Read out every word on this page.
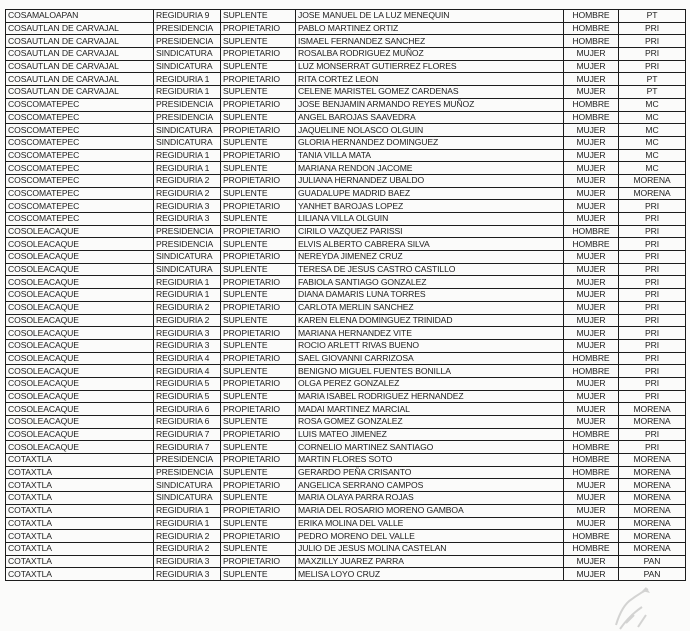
COSAMALOAPAN	REGIDURIA 9	SUPLENTE	JOSE MANUEL DE LA LUZ MENEQUIN	HOMBRE	PT
COSAUTLAN DE CARVAJAL	PRESIDENCIA	PROPIETARIO	PABLO MARTINEZ ORTIZ	HOMBRE	PRI
COSAUTLAN DE CARVAJAL	PRESIDENCIA	SUPLENTE	ISMAEL FERNANDEZ SANCHEZ	HOMBRE	PRI
COSAUTLAN DE CARVAJAL	SINDICATURA	PROPIETARIO	ROSALBA RODRIGUEZ MUÑOZ	MUJER	PRI
COSAUTLAN DE CARVAJAL	SINDICATURA	SUPLENTE	LUZ MONSERRAT GUTIERREZ FLORES	MUJER	PRI
COSAUTLAN DE CARVAJAL	REGIDURIA 1	PROPIETARIO	RITA CORTEZ LEON	MUJER	PT
COSAUTLAN DE CARVAJAL	REGIDURIA 1	SUPLENTE	CELENE MARISTEL GOMEZ CARDENAS	MUJER	PT
COSCOMATEPEC	PRESIDENCIA	PROPIETARIO	JOSE BENJAMIN ARMANDO REYES MUÑOZ	HOMBRE	MC
COSCOMATEPEC	PRESIDENCIA	SUPLENTE	ANGEL BAROJAS SAAVEDRA	HOMBRE	MC
COSCOMATEPEC	SINDICATURA	PROPIETARIO	JAQUELINE NOLASCO OLGUIN	MUJER	MC
COSCOMATEPEC	SINDICATURA	SUPLENTE	GLORIA HERNANDEZ DOMINGUEZ	MUJER	MC
COSCOMATEPEC	REGIDURIA 1	PROPIETARIO	TANIA VILLA MATA	MUJER	MC
COSCOMATEPEC	REGIDURIA 1	SUPLENTE	MARIANA RENDON JACOME	MUJER	MC
COSCOMATEPEC	REGIDURIA 2	PROPIETARIO	JULIANA HERNANDEZ UBALDO	MUJER	MORENA
COSCOMATEPEC	REGIDURIA 2	SUPLENTE	GUADALUPE MADRID BAEZ	MUJER	MORENA
COSCOMATEPEC	REGIDURIA 3	PROPIETARIO	YANHET BAROJAS LOPEZ	MUJER	PRI
COSCOMATEPEC	REGIDURIA 3	SUPLENTE	LILIANA VILLA OLGUIN	MUJER	PRI
COSOLEACAQUE	PRESIDENCIA	PROPIETARIO	CIRILO VAZQUEZ PARISSI	HOMBRE	PRI
COSOLEACAQUE	PRESIDENCIA	SUPLENTE	ELVIS ALBERTO CABRERA SILVA	HOMBRE	PRI
COSOLEACAQUE	SINDICATURA	PROPIETARIO	NEREYDA JIMENEZ CRUZ	MUJER	PRI
COSOLEACAQUE	SINDICATURA	SUPLENTE	TERESA DE JESUS CASTRO CASTILLO	MUJER	PRI
COSOLEACAQUE	REGIDURIA 1	PROPIETARIO	FABIOLA SANTIAGO GONZALEZ	MUJER	PRI
COSOLEACAQUE	REGIDURIA 1	SUPLENTE	DIANA DAMARIS LUNA TORRES	MUJER	PRI
COSOLEACAQUE	REGIDURIA 2	PROPIETARIO	CARLOTA MERLIN SANCHEZ	MUJER	PRI
COSOLEACAQUE	REGIDURIA 2	SUPLENTE	KAREN ELENA DOMINGUEZ TRINIDAD	MUJER	PRI
COSOLEACAQUE	REGIDURIA 3	PROPIETARIO	MARIANA HERNANDEZ VITE	MUJER	PRI
COSOLEACAQUE	REGIDURIA 3	SUPLENTE	ROCIO ARLETT RIVAS BUENO	MUJER	PRI
COSOLEACAQUE	REGIDURIA 4	PROPIETARIO	SAEL GIOVANNI CARRIZOSA	HOMBRE	PRI
COSOLEACAQUE	REGIDURIA 4	SUPLENTE	BENIGNO MIGUEL FUENTES BONILLA	HOMBRE	PRI
COSOLEACAQUE	REGIDURIA 5	PROPIETARIO	OLGA PEREZ GONZALEZ	MUJER	PRI
COSOLEACAQUE	REGIDURIA 5	SUPLENTE	MARIA ISABEL RODRIGUEZ HERNANDEZ	MUJER	PRI
COSOLEACAQUE	REGIDURIA 6	PROPIETARIO	MADAI MARTINEZ MARCIAL	MUJER	MORENA
COSOLEACAQUE	REGIDURIA 6	SUPLENTE	ROSA GOMEZ GONZALEZ	MUJER	MORENA
COSOLEACAQUE	REGIDURIA 7	PROPIETARIO	LUIS MATEO JIMENEZ	HOMBRE	PRI
COSOLEACAQUE	REGIDURIA 7	SUPLENTE	CORNELIO MARTINEZ SANTIAGO	HOMBRE	PRI
COTAXTLA	PRESIDENCIA	PROPIETARIO	MARTIN FLORES SOTO	HOMBRE	MORENA
COTAXTLA	PRESIDENCIA	SUPLENTE	GERARDO PEÑA CRISANTO	HOMBRE	MORENA
COTAXTLA	SINDICATURA	PROPIETARIO	ANGELICA SERRANO CAMPOS	MUJER	MORENA
COTAXTLA	SINDICATURA	SUPLENTE	MARIA OLAYA PARRA ROJAS	MUJER	MORENA
COTAXTLA	REGIDURIA 1	PROPIETARIO	MARIA DEL ROSARIO MORENO GAMBOA	MUJER	MORENA
COTAXTLA	REGIDURIA 1	SUPLENTE	ERIKA MOLINA DEL VALLE	MUJER	MORENA
COTAXTLA	REGIDURIA 2	PROPIETARIO	PEDRO MORENO DEL VALLE	HOMBRE	MORENA
COTAXTLA	REGIDURIA 2	SUPLENTE	JULIO DE JESUS MOLINA CASTELAN	HOMBRE	MORENA
COTAXTLA	REGIDURIA 3	PROPIETARIO	MAXZILLY JUAREZ PARRA	MUJER	PAN
COTAXTLA	REGIDURIA 3	SUPLENTE	MELISA LOYO CRUZ	MUJER	PAN
